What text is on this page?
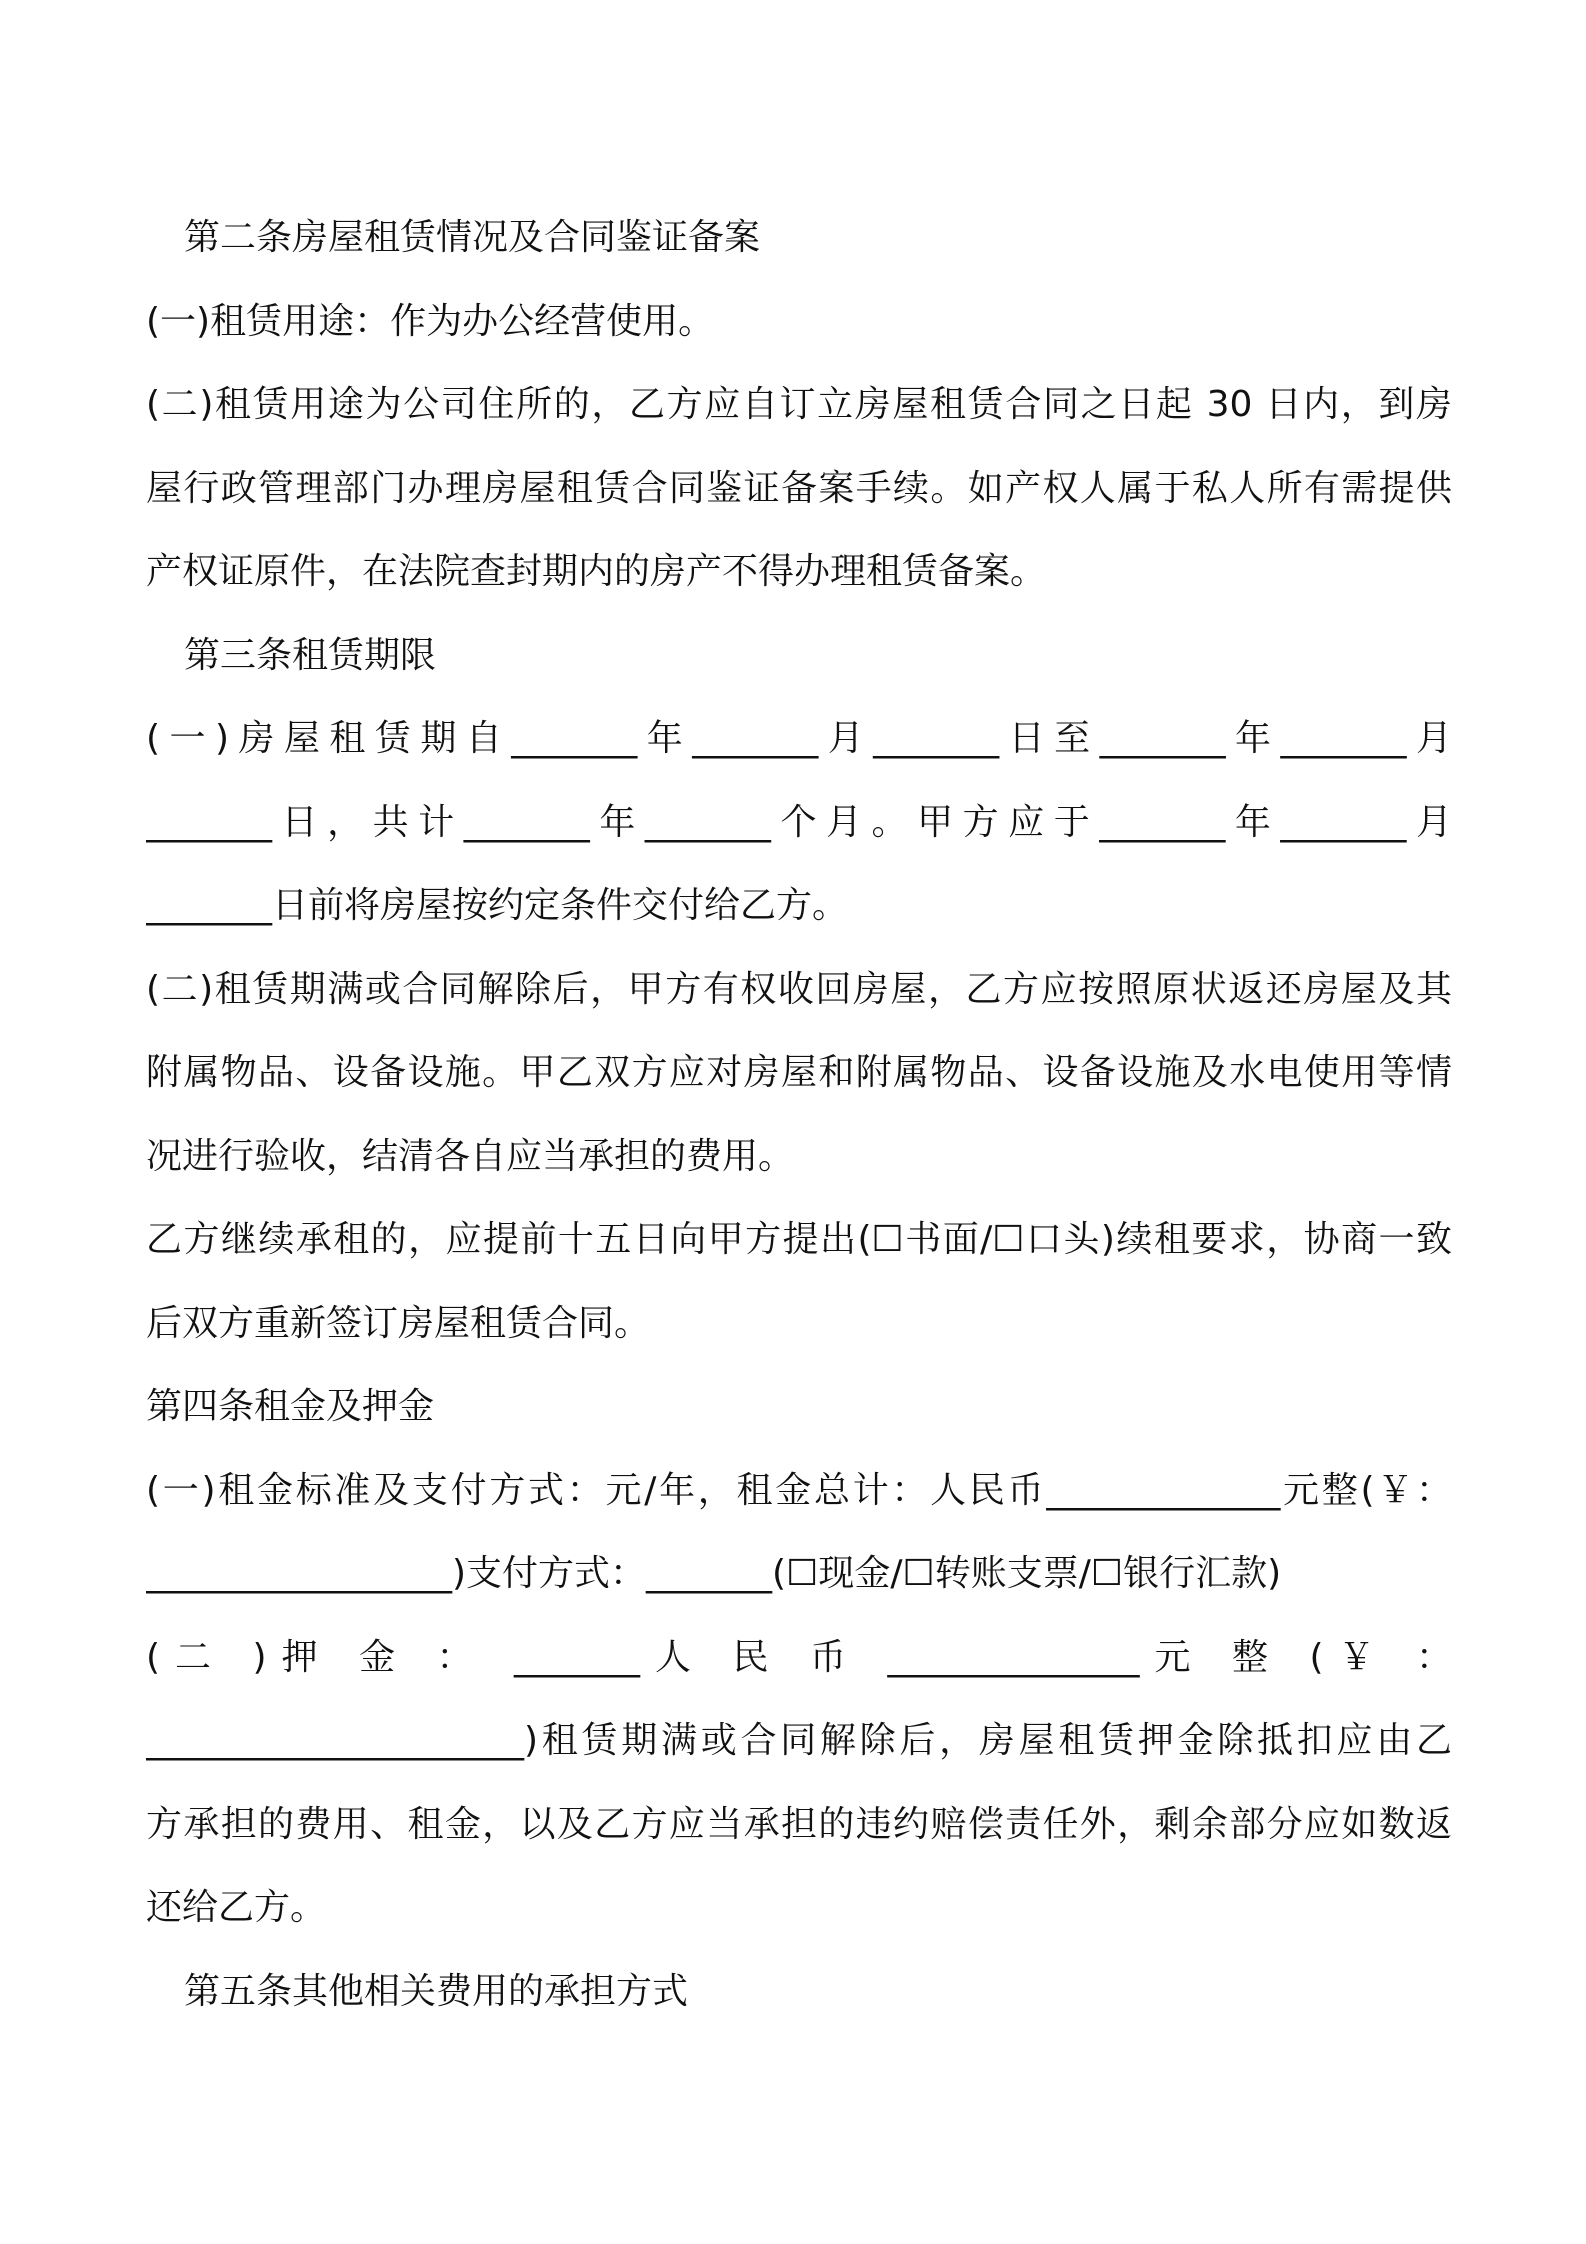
第二条房屋租赁情况及合同鉴证备案
(一)租赁用途：作为办公经营使用。
(二)租赁用途为公司住所的，乙方应自订立房屋租赁合同之日起 30 日内，到房
屋行政管理部门办理房屋租赁合同鉴证备案手续。如产权人属于私人所有需提供
产权证原件，在法院查封期内的房产不得办理租赁备案。
第三条租赁期限
(一)房屋租赁期自_______年_______月_______日至_______年_______月
_______日，共计_______年_______个月。甲方应于_______年_______月
_______日前将房屋按约定条件交付给乙方。
(二)租赁期满或合同解除后，甲方有权收回房屋，乙方应按照原状返还房屋及其
附属物品、设备设施。甲乙双方应对房屋和附属物品、设备设施及水电使用等情
况进行验收，结清各自应当承担的费用。
乙方继续承租的，应提前十五日向甲方提出(☐书面/☐口头)续租要求，协商一致
后双方重新签订房屋租赁合同。
第四条租金及押金
(一)租金标准及支付方式：元/年，租金总计：人民币_____________元整(￥：
_________________)支付方式：_______(☐现金/☐转账支票/☐银行汇款)
(二 )押 金 ： _______人 民 币 ______________元 整 (￥ ：
_____________________)租赁期满或合同解除后，房屋租赁押金除抵扣应由乙
方承担的费用、租金，以及乙方应当承担的违约赔偿责任外，剩余部分应如数返
还给乙方。
第五条其他相关费用的承担方式
